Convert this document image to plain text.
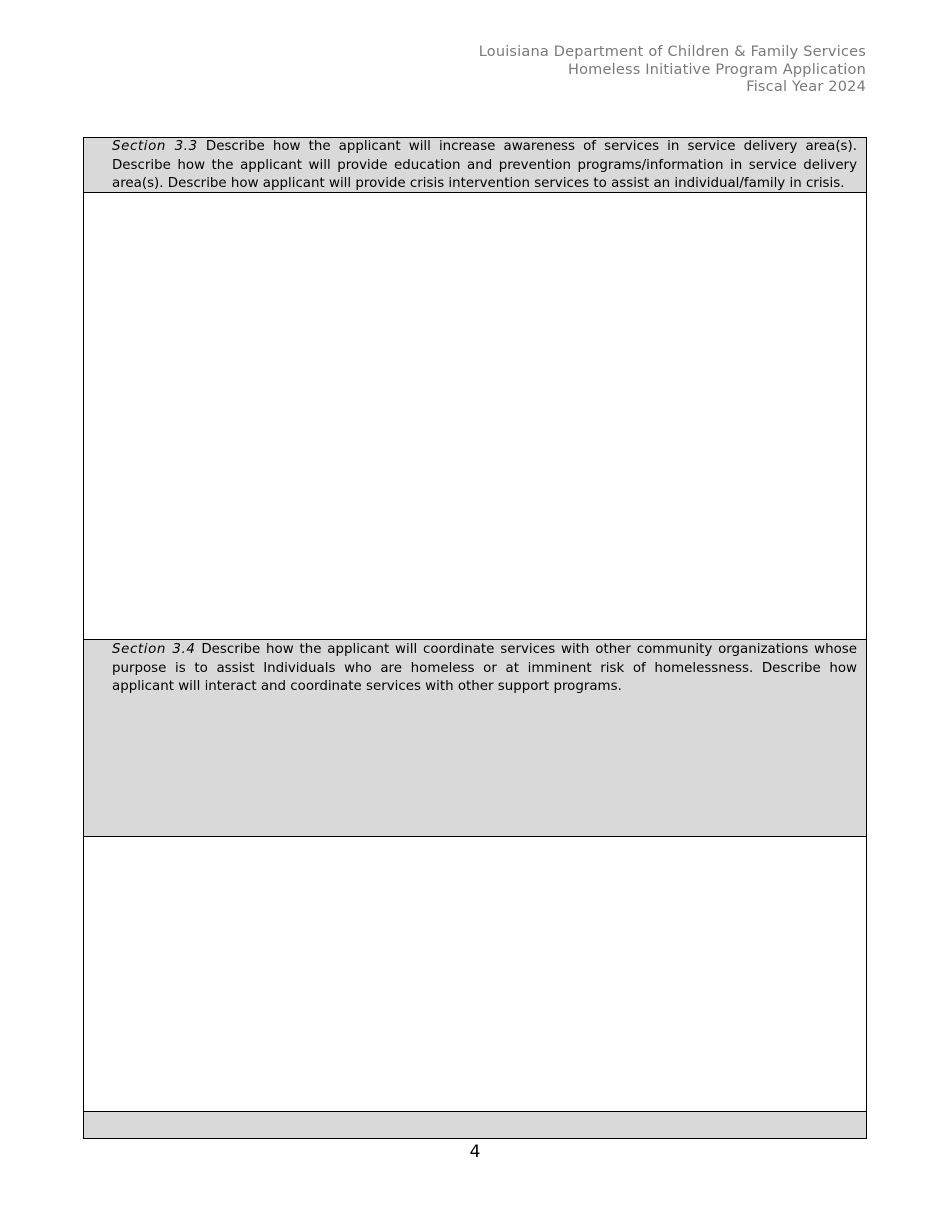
Louisiana Department of Children & Family Services
Homeless Initiative Program Application
Fiscal Year 2024
Section 3.3 Describe how the applicant will increase awareness of services in service delivery area(s). Describe how the applicant will provide education and prevention programs/information in service delivery area(s). Describe how applicant will provide crisis intervention services to assist an individual/family in crisis.
Section 3.4 Describe how the applicant will coordinate services with other community organizations whose purpose is to assist Individuals who are homeless or at imminent risk of homelessness. Describe how applicant will interact and coordinate services with other support programs.
4
